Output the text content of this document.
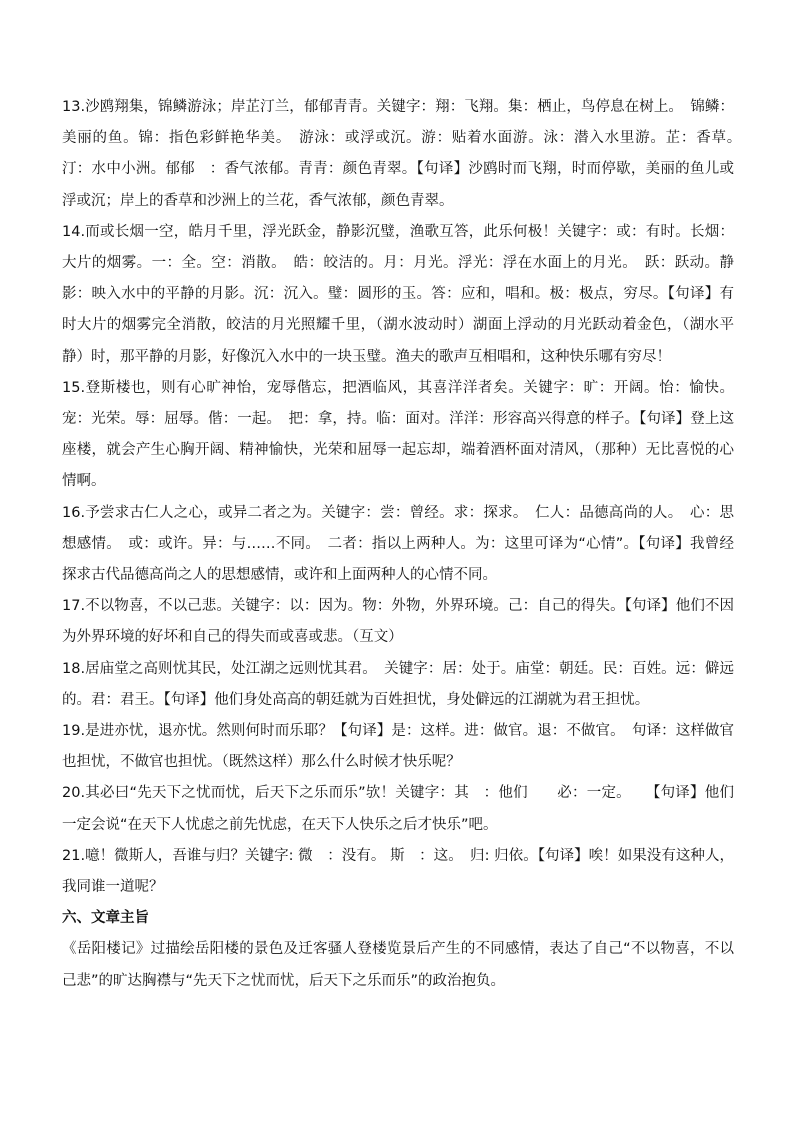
13.沙鸥翔集，锦鳞游泳；岸芷汀兰，郁郁青青。关键字：翔：飞翔。集：栖止，鸟停息在树上。　锦鳞：美丽的鱼。锦：指色彩鲜艳华美。　游泳：或浮或沉。游：贴着水面游。泳：潜入水里游。芷：香草。　汀：水中小洲。郁郁　：香气浓郁。青青：颜色青翠。【句译】沙鸥时而飞翔，时而停歇，美丽的鱼儿或浮或沉；岸上的香草和沙洲上的兰花，香气浓郁，颜色青翠。

14.而或长烟一空，皓月千里，浮光跃金，静影沉璧，渔歌互答，此乐何极！关键字：或：有时。长烟：大片的烟雾。一：全。空：消散。　皓：皎洁的。月：月光。浮光：浮在水面上的月光。　跃：跃动。静影：映入水中的平静的月影。沉：沉入。璧：圆形的玉。答：应和，唱和。极：极点，穷尽。【句译】有时大片的烟雾完全消散，皎洁的月光照耀千里，（湖水波动时）湖面上浮动的月光跃动着金色，（湖水平静）时，那平静的月影，好像沉入水中的一块玉璧。渔夫的歌声互相唱和，这种快乐哪有穷尽！

15.登斯楼也，则有心旷神怡，宠辱偕忘，把酒临风，其喜洋洋者矣。关键字：旷：开阔。怡：愉快。宠：光荣。辱：屈辱。偕：一起。　把：拿，持。临：面对。洋洋：形容高兴得意的样子。【句译】登上这座楼，就会产生心胸开阔、精神愉快，光荣和屈辱一起忘却，端着酒杯面对清风，（那种）无比喜悦的心情啊。

16.予尝求古仁人之心，或异二者之为。关键字：尝：曾经。求：探求。　仁人：品德高尚的人。　心：思想感情。　或：或许。异：与……不同。　二者：指以上两种人。为：这里可译为“心情”。【句译】我曾经探求古代品德高尚之人的思想感情，或许和上面两种人的心情不同。

17.不以物喜，不以己悲。关键字：以：因为。物：外物，外界环境。己：自己的得失。【句译】他们不因为外界环境的好坏和自己的得失而或喜或悲。（互文）

18.居庙堂之高则忧其民，处江湖之远则忧其君。　关键字：居：处于。庙堂：朝廷。民：百姓。远：僻远的。君：君王。【句译】他们身处高高的朝廷就为百姓担忧，身处僻远的江湖就为君王担忧。

19.是进亦忧，退亦忧。然则何时而乐耶？【句译】是：这样。进：做官。退：不做官。　句译：这样做官也担忧，不做官也担忧。（既然这样）那么什么时候才快乐呢？

20.其必曰“先天下之忧而忧，后天下之乐而乐”欤！关键字：其　：他们　　必：一定。　　【句译】他们一定会说“在天下人忧虑之前先忧虑，在天下人快乐之后才快乐”吧。

21.噫！微斯人，吾谁与归？关键字: 微　：没有。 斯　：这。　归: 归依。【句译】唉！如果没有这种人，我同谁一道呢？

六、文章主旨

《岳阳楼记》过描绘岳阳楼的景色及迁客骚人登楼览景后产生的不同感情，表达了自己“不以物喜，不以己悲”的旷达胸襟与“先天下之忧而忧，后天下之乐而乐”的政治抱负。
